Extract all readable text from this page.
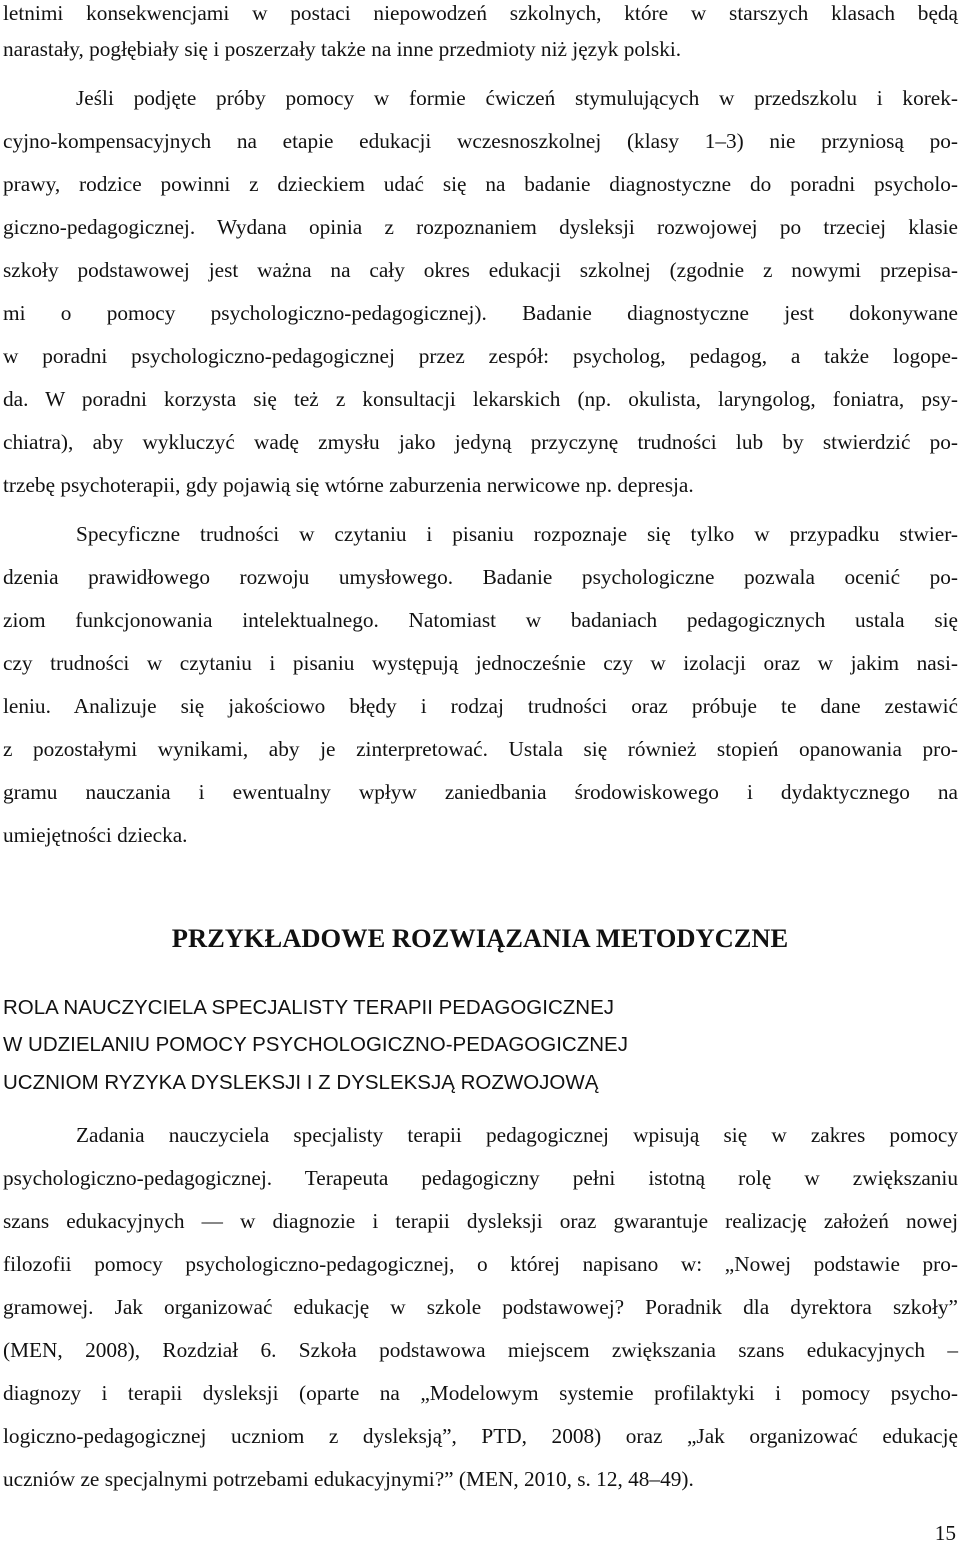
letnimi konsekwencjami w postaci niepowodzeń szkolnych, które w starszych klasach będą
narastały, pogłębiały się i poszerzały także na inne przedmioty niż język polski.
Jeśli podjęte próby pomocy w formie ćwiczeń stymulujących w przedszkolu i korek-
cyjno-kompensacyjnych na etapie edukacji wczesnoszkolnej (klasy 1–3) nie przyniosą po-
prawy, rodzice powinni z dzieckiem udać się na badanie diagnostyczne do poradni psycholo-
giczno-pedagogicznej. Wydana opinia z rozpoznaniem dysleksji rozwojowej po trzeciej klasie
szkoły podstawowej jest ważna na cały okres edukacji szkolnej (zgodnie z nowymi przepisa-
mi o pomocy psychologiczno-pedagogicznej). Badanie diagnostyczne jest dokonywane
w poradni psychologiczno-pedagogicznej przez zespół: psycholog, pedagog, a także logope-
da. W poradni korzysta się też z konsultacji lekarskich (np. okulista, laryngolog, foniatra, psy-
chiatra), aby wykluczyć wadę zmysłu jako jedyną przyczynę trudności lub by stwierdzić po-
trzebę psychoterapii, gdy pojawią się wtórne zaburzenia nerwicowe np. depresja.
Specyficzne trudności w czytaniu i pisaniu rozpoznaje się tylko w przypadku stwier-
dzenia prawidłowego rozwoju umysłowego. Badanie psychologiczne pozwala ocenić po-
ziom funkcjonowania intelektualnego. Natomiast w badaniach pedagogicznych ustala się
czy trudności w czytaniu i pisaniu występują jednocześnie czy w izolacji oraz w jakim nasi-
leniu. Analizuje się jakościowo błędy i rodzaj trudności oraz próbuje te dane zestawić
z pozostałymi wynikami, aby je zinterpretować. Ustala się również stopień opanowania pro-
gramu nauczania i ewentualny wpływ zaniedbania środowiskowego i dydaktycznego na
umiejętności dziecka.
PRZYKŁADOWE ROZWIĄZANIA METODYCZNE
ROLA NAUCZYCIELA SPECJALISTY TERAPII PEDAGOGICZNEJ
W UDZIELANIU POMOCY PSYCHOLOGICZNO-PEDAGOGICZNEJ
UCZNIOM RYZYKA DYSLEKSJI I Z DYSLEKSJĄ ROZWOJOWĄ
Zadania nauczyciela specjalisty terapii pedagogicznej wpisują się w zakres pomocy
psychologiczno-pedagogicznej. Terapeuta pedagogiczny pełni istotną rolę w zwiększaniu
szans edukacyjnych — w diagnozie i terapii dysleksji oraz gwarantuje realizację założeń nowej
filozofii pomocy psychologiczno-pedagogicznej, o której napisano w: „Nowej podstawie pro-
gramowej. Jak organizować edukację w szkole podstawowej? Poradnik dla dyrektora szkoły”
(MEN, 2008), Rozdział 6. Szkoła podstawowa miejscem zwiększania szans edukacyjnych –
diagnozy i terapii dysleksji (oparte na „Modelowym systemie profilaktyki i pomocy psycho-
logiczno-pedagogicznej uczniom z dysleksją”, PTD, 2008) oraz „Jak organizować edukację
uczniów ze specjalnymi potrzebami edukacyjnymi?” (MEN, 2010, s. 12, 48–49).
15
